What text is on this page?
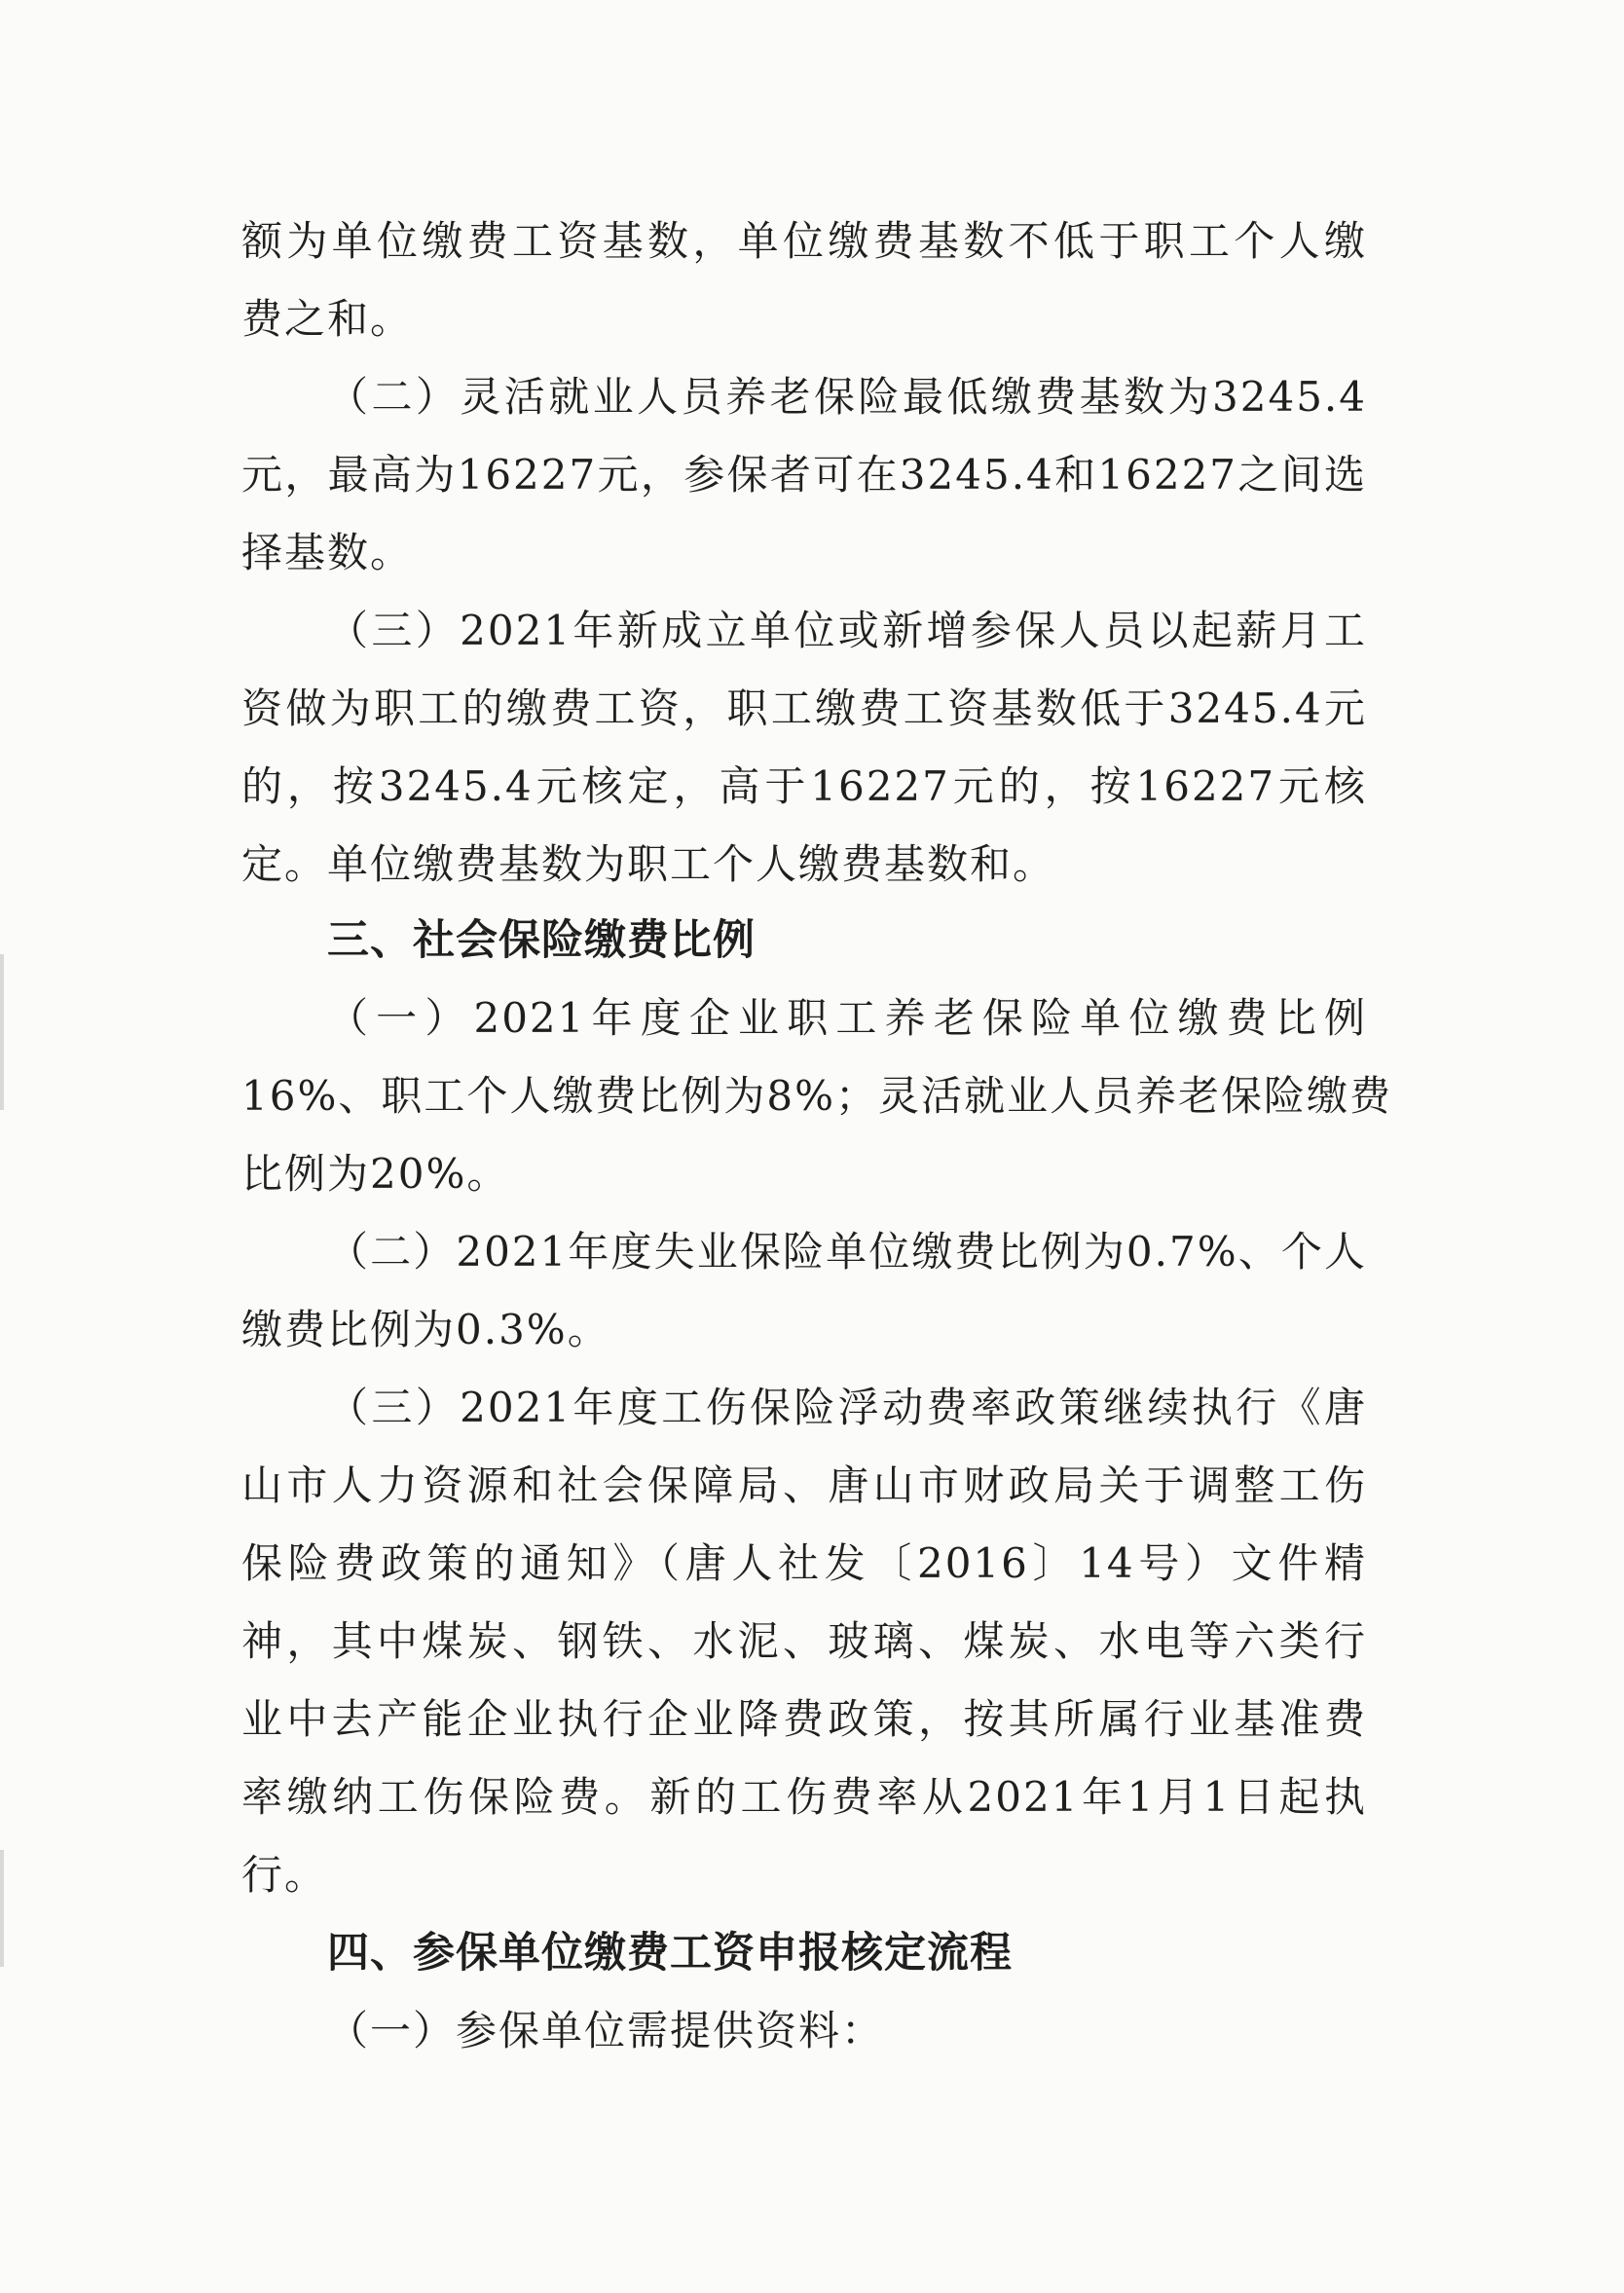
额为单位缴费工资基数，单位缴费基数不低于职工个人缴
费之和。
（二）灵活就业人员养老保险最低缴费基数为3245.4
元，最高为16227元，参保者可在3245.4和16227之间选
择基数。
（三）2021年新成立单位或新增参保人员以起薪月工
资做为职工的缴费工资，职工缴费工资基数低于3245.4元
的，按3245.4元核定，高于16227元的，按16227元核
定。单位缴费基数为职工个人缴费基数和。
三、社会保险缴费比例
（一）2021年度企业职工养老保险单位缴费比例
16%、职工个人缴费比例为8%；灵活就业人员养老保险缴费
比例为20%。
（二）2021年度失业保险单位缴费比例为0.7%、个人
缴费比例为0.3%。
（三）2021年度工伤保险浮动费率政策继续执行《唐
山市人力资源和社会保障局、唐山市财政局关于调整工伤
保险费政策的通知》（唐人社发〔2016〕14号）文件精
神，其中煤炭、钢铁、水泥、玻璃、煤炭、水电等六类行
业中去产能企业执行企业降费政策，按其所属行业基准费
率缴纳工伤保险费。新的工伤费率从2021年1月1日起执
行。
四、参保单位缴费工资申报核定流程
（一）参保单位需提供资料：
